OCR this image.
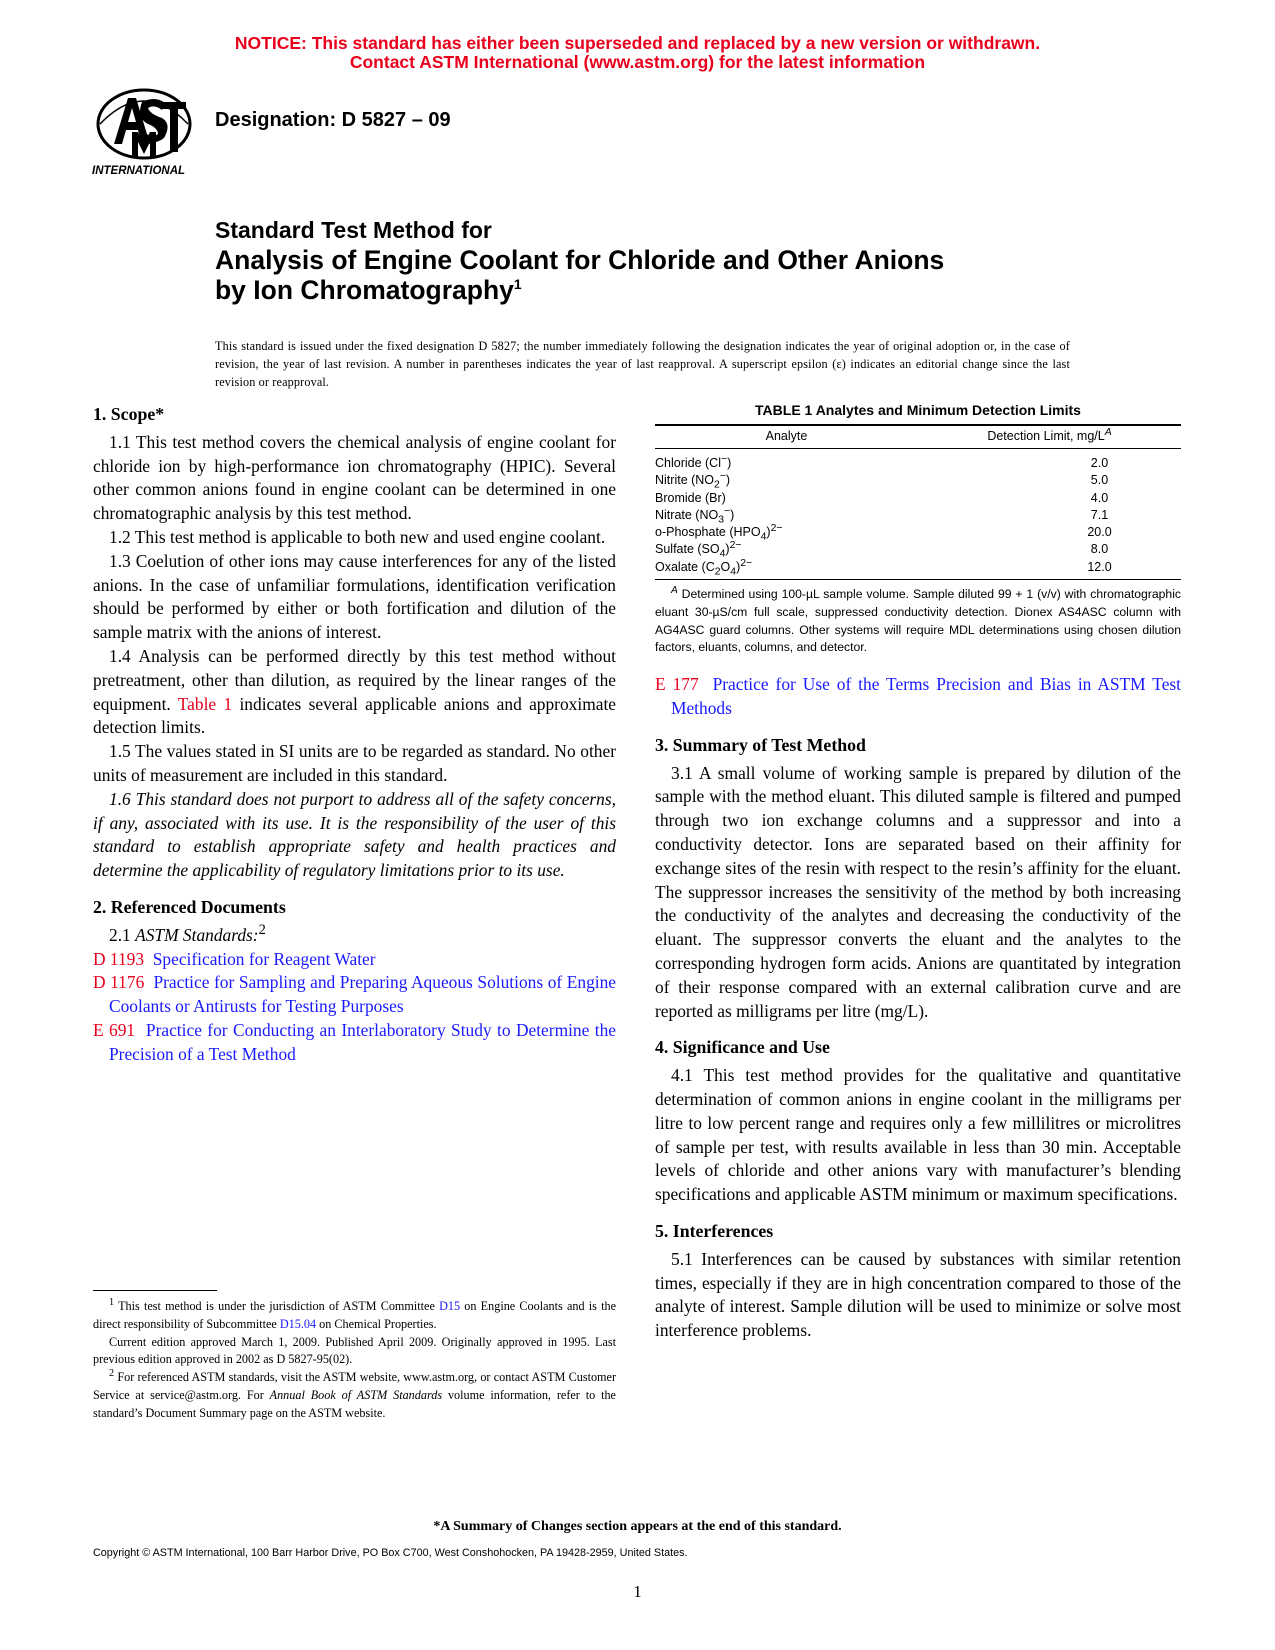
NOTICE: This standard has either been superseded and replaced by a new version or withdrawn.
Contact ASTM International (www.astm.org) for the latest information
INTERNATIONAL
Designation: D 5827 – 09
Standard Test Method for
Analysis of Engine Coolant for Chloride and Other Anions
by Ion Chromatography$^1$
This standard is issued under the fixed designation D 5827; the number immediately following the designation indicates the year of original adoption or, in the case of revision, the year of last revision. A number in parentheses indicates the year of last reapproval. A superscript epsilon (ε) indicates an editorial change since the last revision or reapproval.
1. Scope*

1.1 This test method covers the chemical analysis of engine coolant for chloride ion by high-performance ion chromatography (HPIC). Several other common anions found in engine coolant can be determined in one chromatographic analysis by this test method.

1.2 This test method is applicable to both new and used engine coolant.

1.3 Coelution of other ions may cause interferences for any of the listed anions. In the case of unfamiliar formulations, identification verification should be performed by either or both fortification and dilution of the sample matrix with the anions of interest.

1.4 Analysis can be performed directly by this test method without pretreatment, other than dilution, as required by the linear ranges of the equipment. Table 1 indicates several applicable anions and approximate detection limits.

1.5 The values stated in SI units are to be regarded as standard. No other units of measurement are included in this standard.

1.6 This standard does not purport to address all of the safety concerns, if any, associated with its use. It is the responsibility of the user of this standard to establish appropriate safety and health practices and determine the applicability of regulatory limitations prior to its use.

2. Referenced Documents

2.1 ASTM Standards:$^2$

D 1193 Specification for Reagent Water

D 1176 Practice for Sampling and Preparing Aqueous Solutions of Engine Coolants or Antirusts for Testing Purposes

E 691 Practice for Conducting an Interlaboratory Study to Determine the Precision of a Test Method

$^1$ This test method is under the jurisdiction of ASTM Committee D15 on Engine Coolants and is the direct responsibility of Subcommittee D15.04 on Chemical Properties.

Current edition approved March 1, 2009. Published April 2009. Originally approved in 1995. Last previous edition approved in 2002 as D 5827-95(02).

$^2$ For referenced ASTM standards, visit the ASTM website, www.astm.org, or contact ASTM Customer Service at service@astm.org. For Annual Book of ASTM Standards volume information, refer to the standard’s Document Summary page on the ASTM website.

TABLE 1 Analytes and Minimum Detection Limits
Analyte	Detection Limit, $mg/L^A$

Chloride (Cl−)	2.0
Nitrite $(NO_2^-)$	5.0
Bromide (Br)	4.0
Nitrate $(NO_3^-)$	7.1
o-Phosphate $(HPO_4)^{2-}$	20.0
Sulfate $(SO_4)^{2-}$	8.0
Oxalate $(C_2O_4)^{2-}$	12.0
$^A$ Determined using 100-µL sample volume. Sample diluted 99 + 1 (v/v) with chromatographic eluant 30-µS/cm full scale, suppressed conductivity detection. Dionex AS4ASC column with AG4ASC guard columns. Other systems will require MDL determinations using chosen dilution factors, eluants, columns, and detector.

E 177 Practice for Use of the Terms Precision and Bias in ASTM Test Methods

3. Summary of Test Method

3.1 A small volume of working sample is prepared by dilution of the sample with the method eluant. This diluted sample is filtered and pumped through two ion exchange columns and a suppressor and into a conductivity detector. Ions are separated based on their affinity for exchange sites of the resin with respect to the resin’s affinity for the eluant. The suppressor increases the sensitivity of the method by both increasing the conductivity of the analytes and decreasing the conductivity of the eluant. The suppressor converts the eluant and the analytes to the corresponding hydrogen form acids. Anions are quantitated by integration of their response compared with an external calibration curve and are reported as milligrams per litre (mg/L).

4. Significance and Use

4.1 This test method provides for the qualitative and quantitative determination of common anions in engine coolant in the milligrams per litre to low percent range and requires only a few millilitres or microlitres of sample per test, with results available in less than 30 min. Acceptable levels of chloride and other anions vary with manufacturer’s blending specifications and applicable ASTM minimum or maximum specifications.

5. Interferences

5.1 Interferences can be caused by substances with similar retention times, especially if they are in high concentration compared to those of the analyte of interest. Sample dilution will be used to minimize or solve most interference problems.

*A Summary of Changes section appears at the end of this standard.
Copyright © ASTM International, 100 Barr Harbor Drive, PO Box C700, West Conshohocken, PA 19428-2959, United States.
1
